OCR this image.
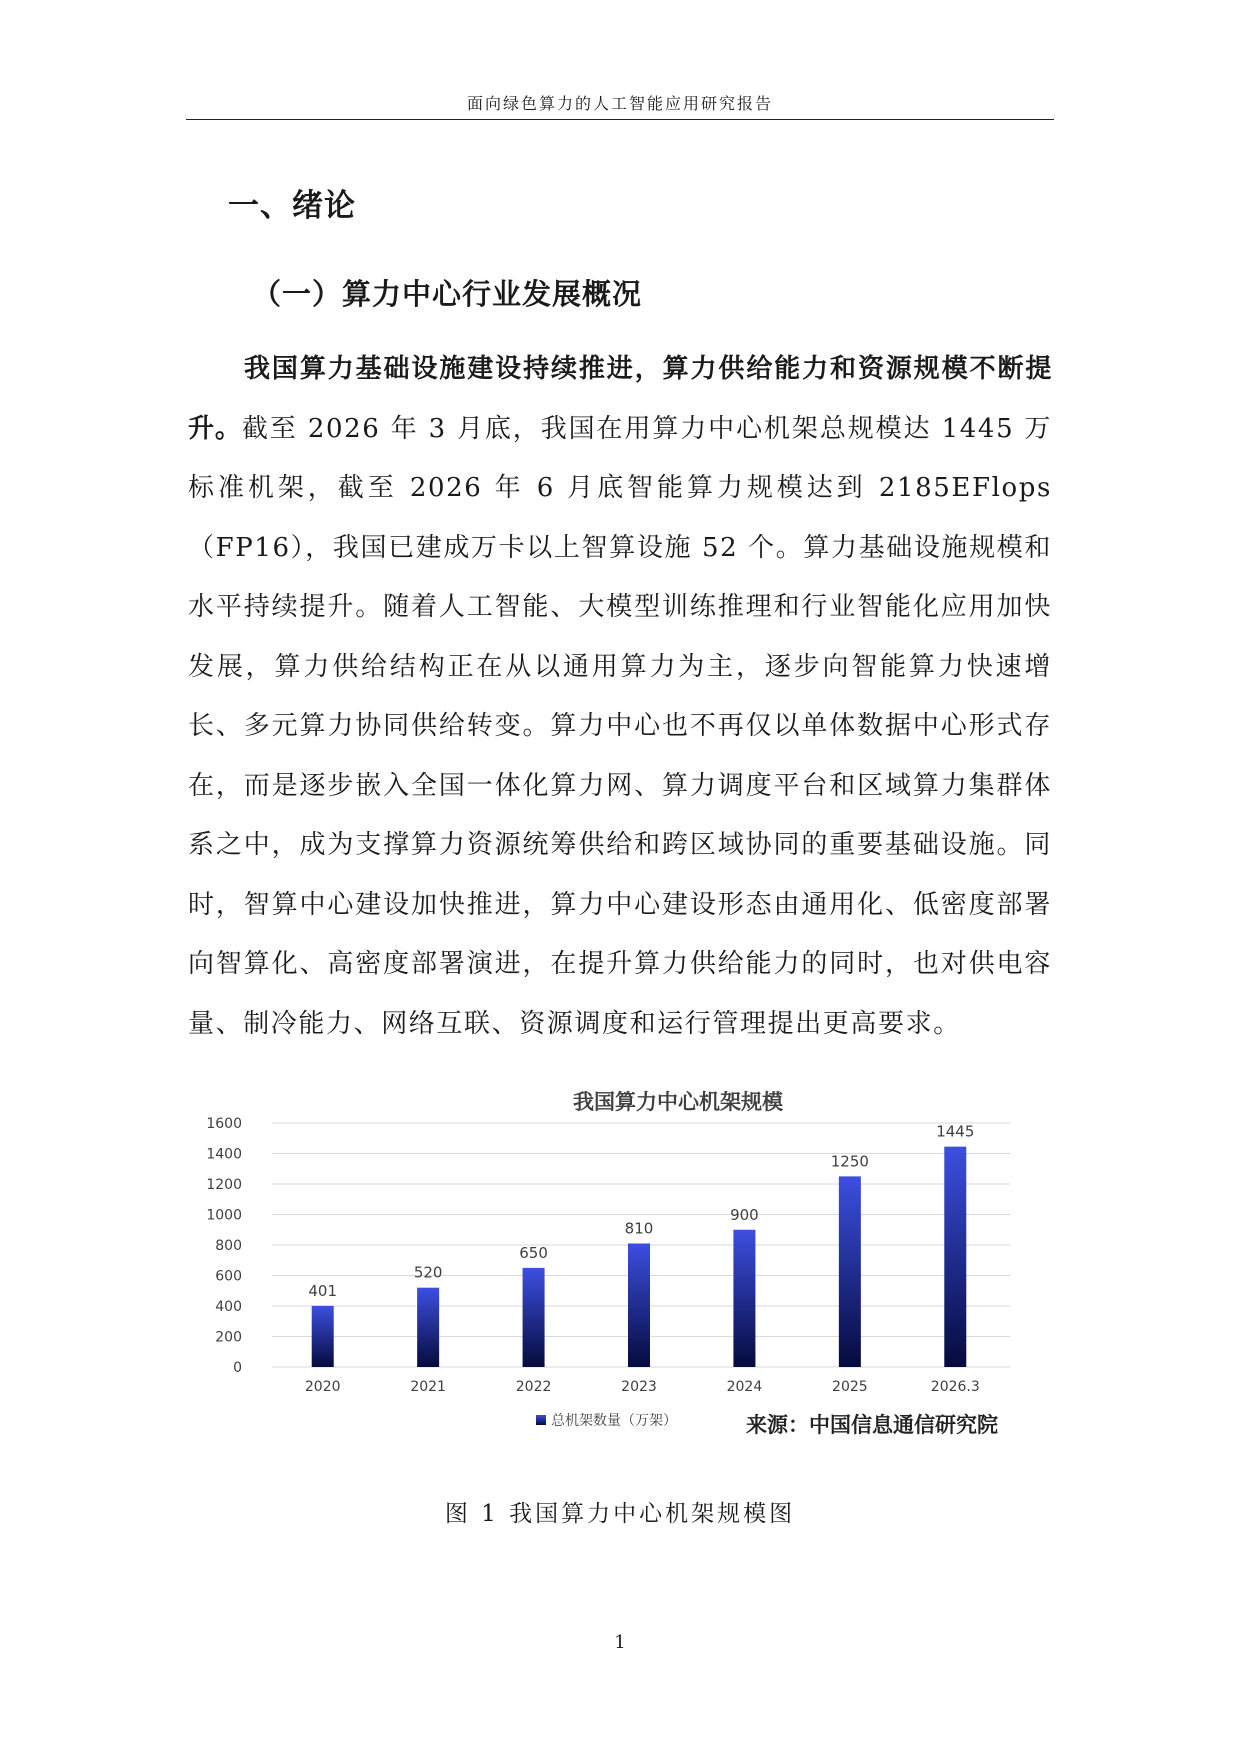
面向绿色算力的人工智能应用研究报告
一、绪论
（一）算力中心行业发展概况

我国算力基础设施建设持续推进，算力供给能力和资源规模不断提升。截至 2026 年 3 月底，我国在用算力中心机架总规模达 1445 万标准机架，截至 2026 年 6 月底智能算力规模达到 2185EFlops（FP16），我国已建成万卡以上智算设施 52 个。算力基础设施规模和水平持续提升。随着人工智能、大模型训练推理和行业智能化应用加快发展，算力供给结构正在从以通用算力为主，逐步向智能算力快速增长、多元算力协同供给转变。算力中心也不再仅以单体数据中心形式存在，而是逐步嵌入全国一体化算力网、算力调度平台和区域算力集群体系之中，成为支撑算力资源统筹供给和跨区域协同的重要基础设施。同时，智算中心建设加快推进，算力中心建设形态由通用化、低密度部署向智算化、高密度部署演进，在提升算力供给能力的同时，也对供电容量、制冷能力、网络互联、资源调度和运行管理提出更高要求。

我国算力中心机架规模
0
200
400
600
800
1000
1200
1400
1600
401
520
650
810
900
1250
1445
2020	2021	2022	2023	2024	2025	2026.3
总机架数量（万架）	来源：中国信息通信研究院
图 1 我国算力中心机架规模图
1
